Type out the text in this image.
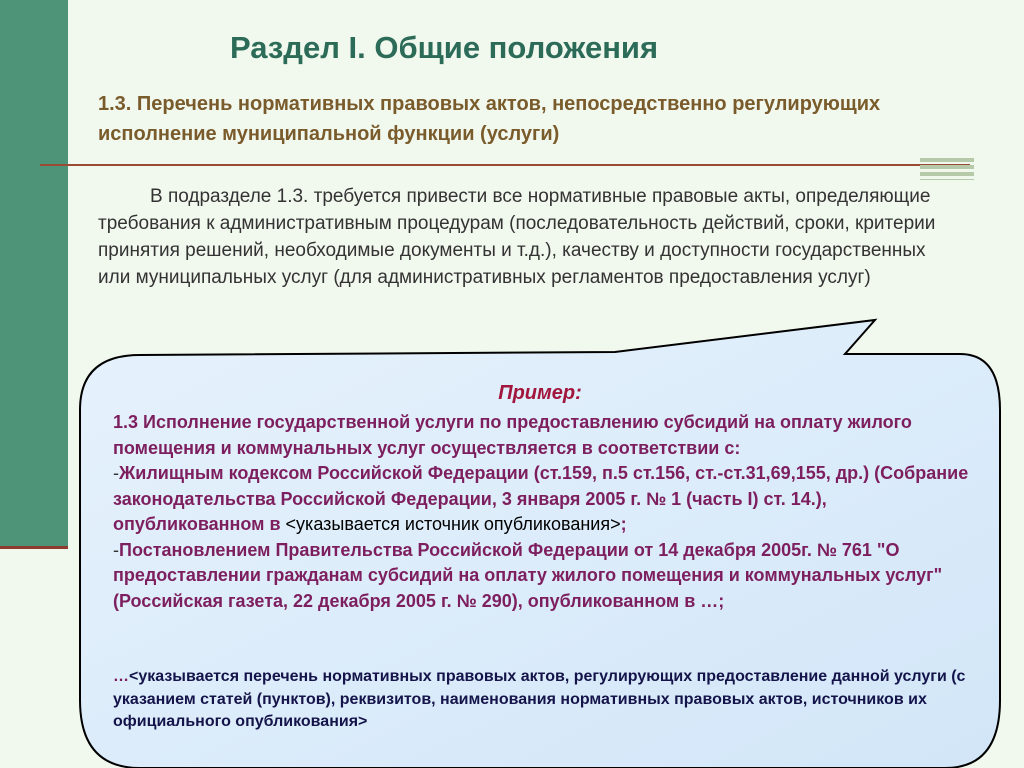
Раздел I. Общие положения
1.3. Перечень нормативных правовых актов, непосредственно регулирующих исполнение муниципальной функции (услуги)

В подразделе 1.3. требуется привести все нормативные правовые акты, определяющие требования к административным процедурам (последовательность действий, сроки, критерии принятия решений, необходимые документы и т.д.), качеству и доступности государственных или муниципальных услуг (для административных регламентов предоставления услуг)

Пример:

1.3 Исполнение государственной услуги по предоставлению субсидий на оплату жилого помещения и коммунальных услуг осуществляется в соответствии с:

-Жилищным кодексом Российской Федерации (ст.159, п.5 ст.156, ст.-ст.31,69,155, др.) (Собрание законодательства Российской Федерации, 3 января 2005 г. № 1 (часть I) ст. 14.), опубликованном в <указывается источник опубликования>;

-Постановлением Правительства Российской Федерации от 14 декабря 2005г. № 761 "О предоставлении гражданам субсидий на оплату жилого помещения и коммунальных услуг" (Российская газета, 22 декабря 2005 г. № 290), опубликованном в …;

…<указывается перечень нормативных правовых актов, регулирующих предоставление данной услуги (с указанием статей (пунктов), реквизитов, наименования нормативных правовых актов, источников их официального опубликования>
